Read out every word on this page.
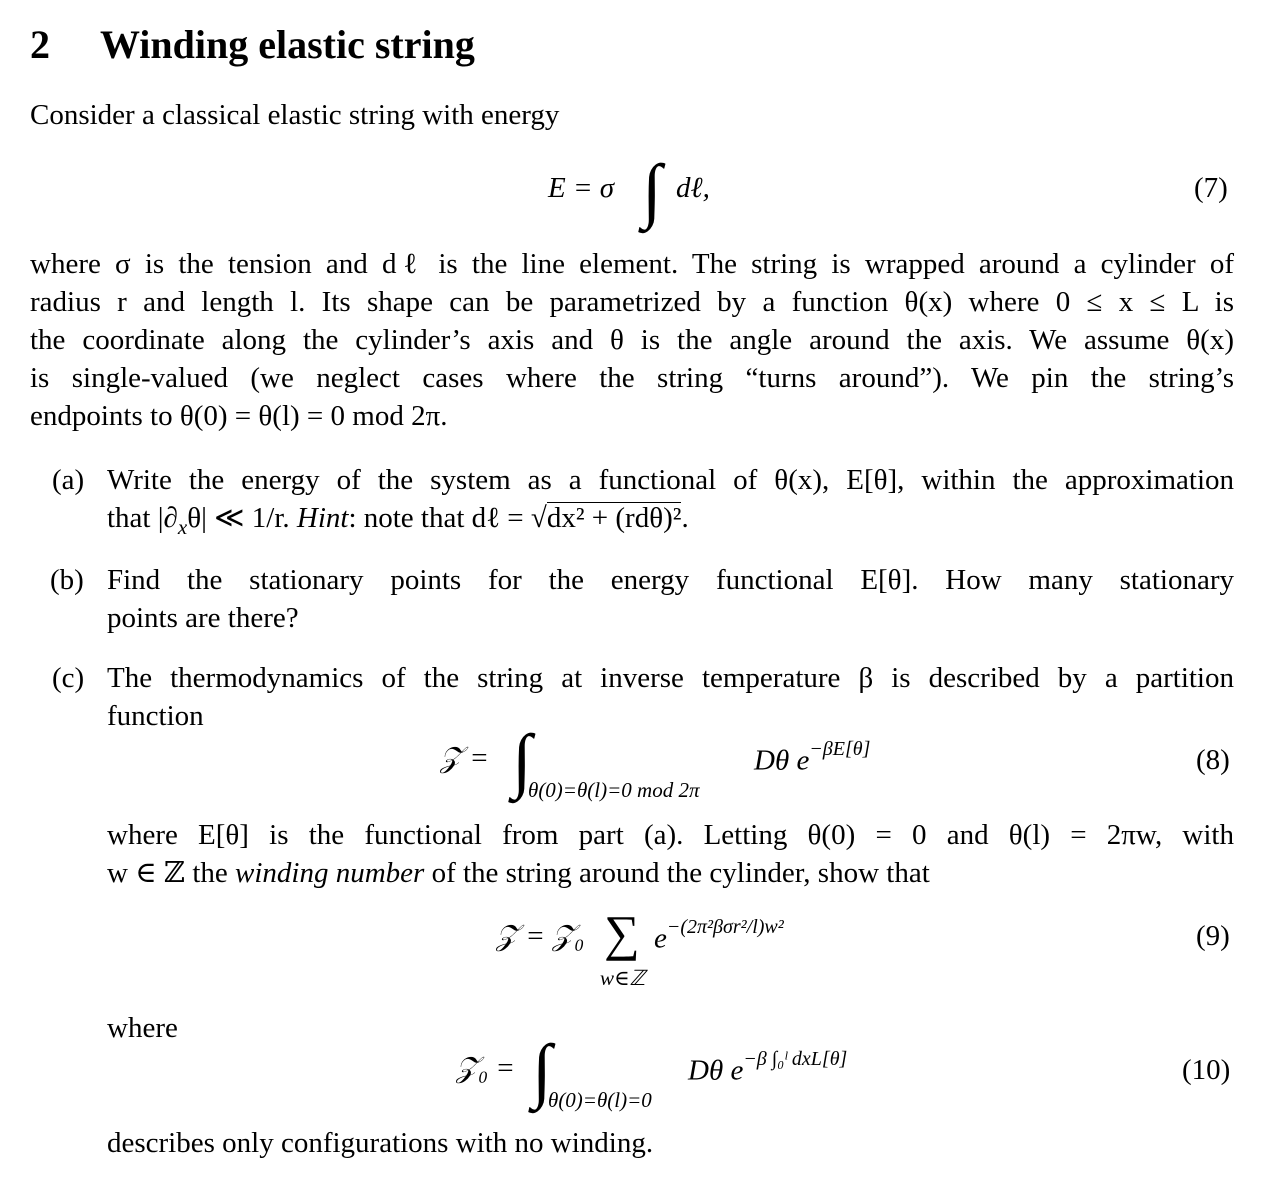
2 Winding elastic string
Consider a classical elastic string with energy
E = σ ∫ dℓ,	(7)
where σ is the tension and dℓ is the line element. The string is wrapped around a cylinder of
radius r and length l. Its shape can be parametrized by a function θ(x) where 0 ≤ x ≤ L is
the coordinate along the cylinder’s axis and θ is the angle around the axis. We assume θ(x)
is single-valued (we neglect cases where the string “turns around”). We pin the string’s
endpoints to θ(0) = θ(l) = 0 mod 2π.
(a) Write the energy of the system as a functional of θ(x), E[θ], within the approximation
that $|\partial_x\theta|$ ≪ 1/r. Hint: note that dℓ = √dx² + (rdθ)².
(b) Find the stationary points for the energy functional E[θ]. How many stationary
points are there?
(c) The thermodynamics of the string at inverse temperature β is described by a partition
function
𝒵 = ∫
θ(0)=θ(l)=0 mod 2π
Dθ $e^{-\beta E[\theta]}$	(8)
where E[θ] is the functional from part (a). Letting θ(0) = 0 and θ(l) = 2πw, with
w ∈ ℤ the winding number of the string around the cylinder, show that
𝒵 = 𝒵₀ ∑
w∈ℤ
$e^{-(2\pi^2\beta\sigma r^2/l)w^2}$	(9)
where
𝒵₀ = ∫
θ(0)=θ(l)=0
Dθ $e^{-\beta \int_0ˡ dxL[\theta]}$	(10)
describes only configurations with no winding.
